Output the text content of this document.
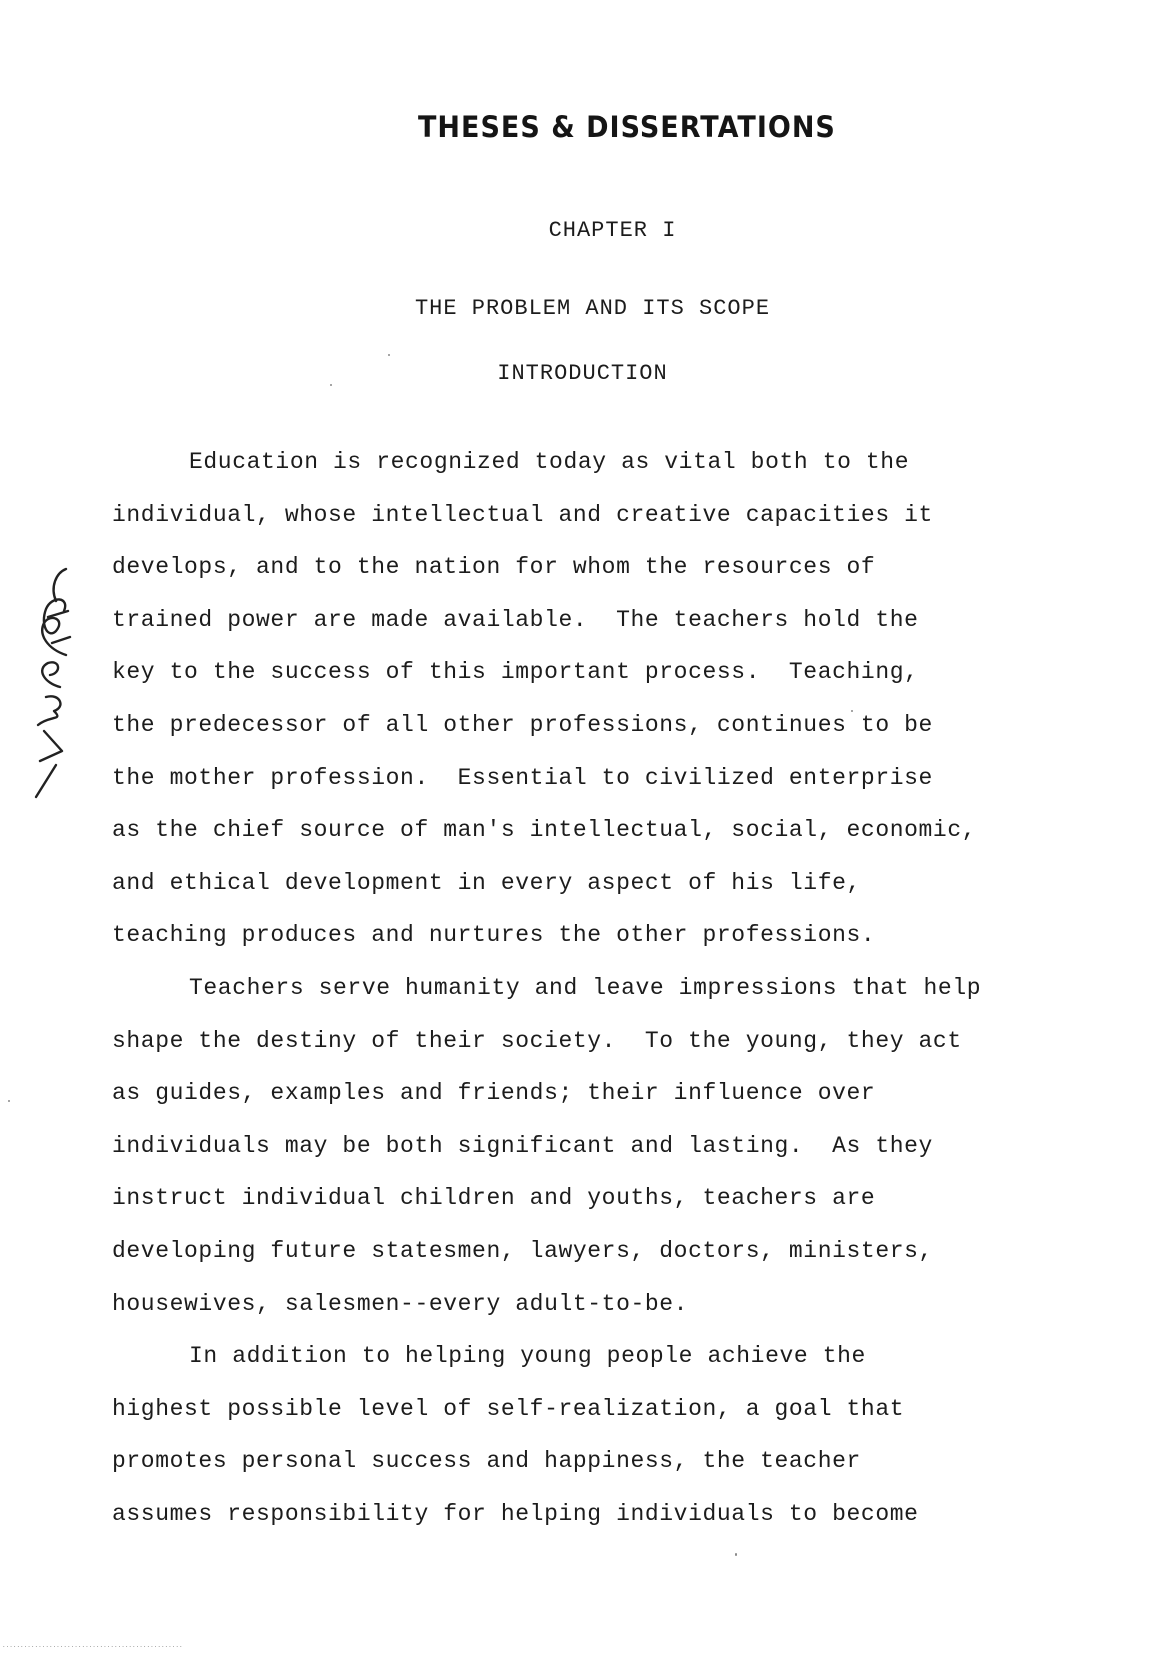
THESES & DISSERTATIONS
CHAPTER I
THE PROBLEM AND ITS SCOPE
INTRODUCTION
Education is recognized today as vital both to the
individual, whose intellectual and creative capacities it
develops, and to the nation for whom the resources of
trained power are made available.  The teachers hold the
key to the success of this important process.  Teaching,
the predecessor of all other professions, continues to be
the mother profession.  Essential to civilized enterprise
as the chief source of man's intellectual, social, economic,
and ethical development in every aspect of his life,
teaching produces and nurtures the other professions.
Teachers serve humanity and leave impressions that help
shape the destiny of their society.  To the young, they act
as guides, examples and friends; their influence over
individuals may be both significant and lasting.  As they
instruct individual children and youths, teachers are
developing future statesmen, lawyers, doctors, ministers,
housewives, salesmen--every adult-to-be.
In addition to helping young people achieve the
highest possible level of self-realization, a goal that
promotes personal success and happiness, the teacher
assumes responsibility for helping individuals to become
..................................................
